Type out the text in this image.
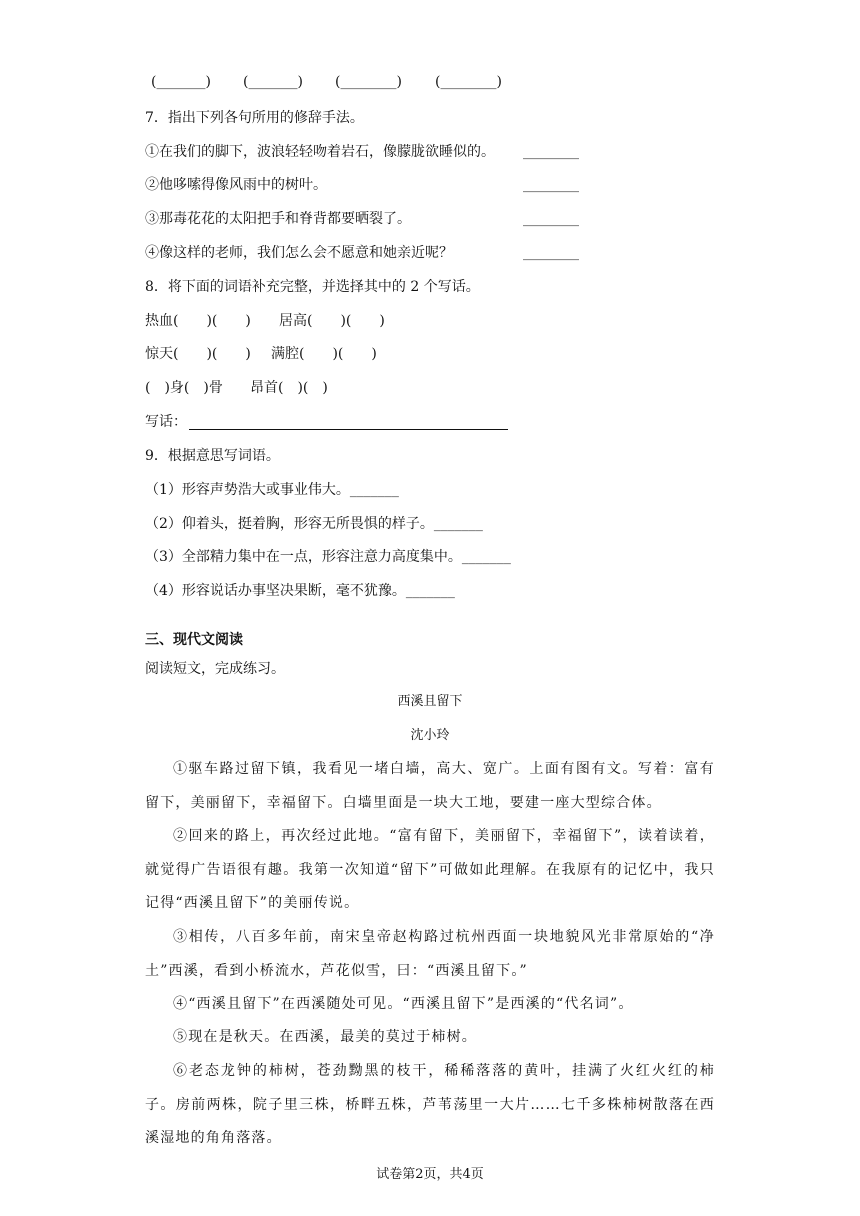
(_______) (_______) (________) (________)
7．指出下列各句所用的修辞手法。
①在我们的脚下，波浪轻轻吻着岩石，像朦胧欲睡似的。 ________
②他哆嗦得像风雨中的树叶。	________
③那毒花花的太阳把手和脊背都要晒裂了。	________
④像这样的老师，我们怎么会不愿意和她亲近呢？	________
8．将下面的词语补充完整，并选择其中的 2 个写话。
热血(　　)(　　) 居高(　　)(　　)
惊天(　　)(　　) 满腔(　　)(　　)
(　)身(　)骨 昂首(　)(　)
写话：
9．根据意思写词语。
（1）形容声势浩大或事业伟大。_______
（2）仰着头，挺着胸，形容无所畏惧的样子。_______
（3）全部精力集中在一点，形容注意力高度集中。_______
（4）形容说话办事坚决果断，毫不犹豫。_______
三、现代文阅读
阅读短文，完成练习。
西溪且留下
沈小玲
①驱车路过留下镇，我看见一堵白墙，高大、宽广。上面有图有文。写着：富有留下，美丽留下，幸福留下。白墙里面是一块大工地，要建一座大型综合体。
②回来的路上，再次经过此地。“富有留下，美丽留下，幸福留下”，读着读着，就觉得广告语很有趣。我第一次知道“留下”可做如此理解。在我原有的记忆中，我只记得“西溪且留下”的美丽传说。
③相传，八百多年前，南宋皇帝赵构路过杭州西面一块地貌风光非常原始的“净土”西溪，看到小桥流水，芦花似雪，曰：“西溪且留下。”
④“西溪且留下”在西溪随处可见。“西溪且留下”是西溪的“代名词”。
⑤现在是秋天。在西溪，最美的莫过于柿树。
⑥老态龙钟的柿树，苍劲黝黑的枝干，稀稀落落的黄叶，挂满了火红火红的柿子。房前两株，院子里三株，桥畔五株，芦苇荡里一大片……七千多株柿树散落在西溪湿地的角角落落。
试卷第2页，共4页
